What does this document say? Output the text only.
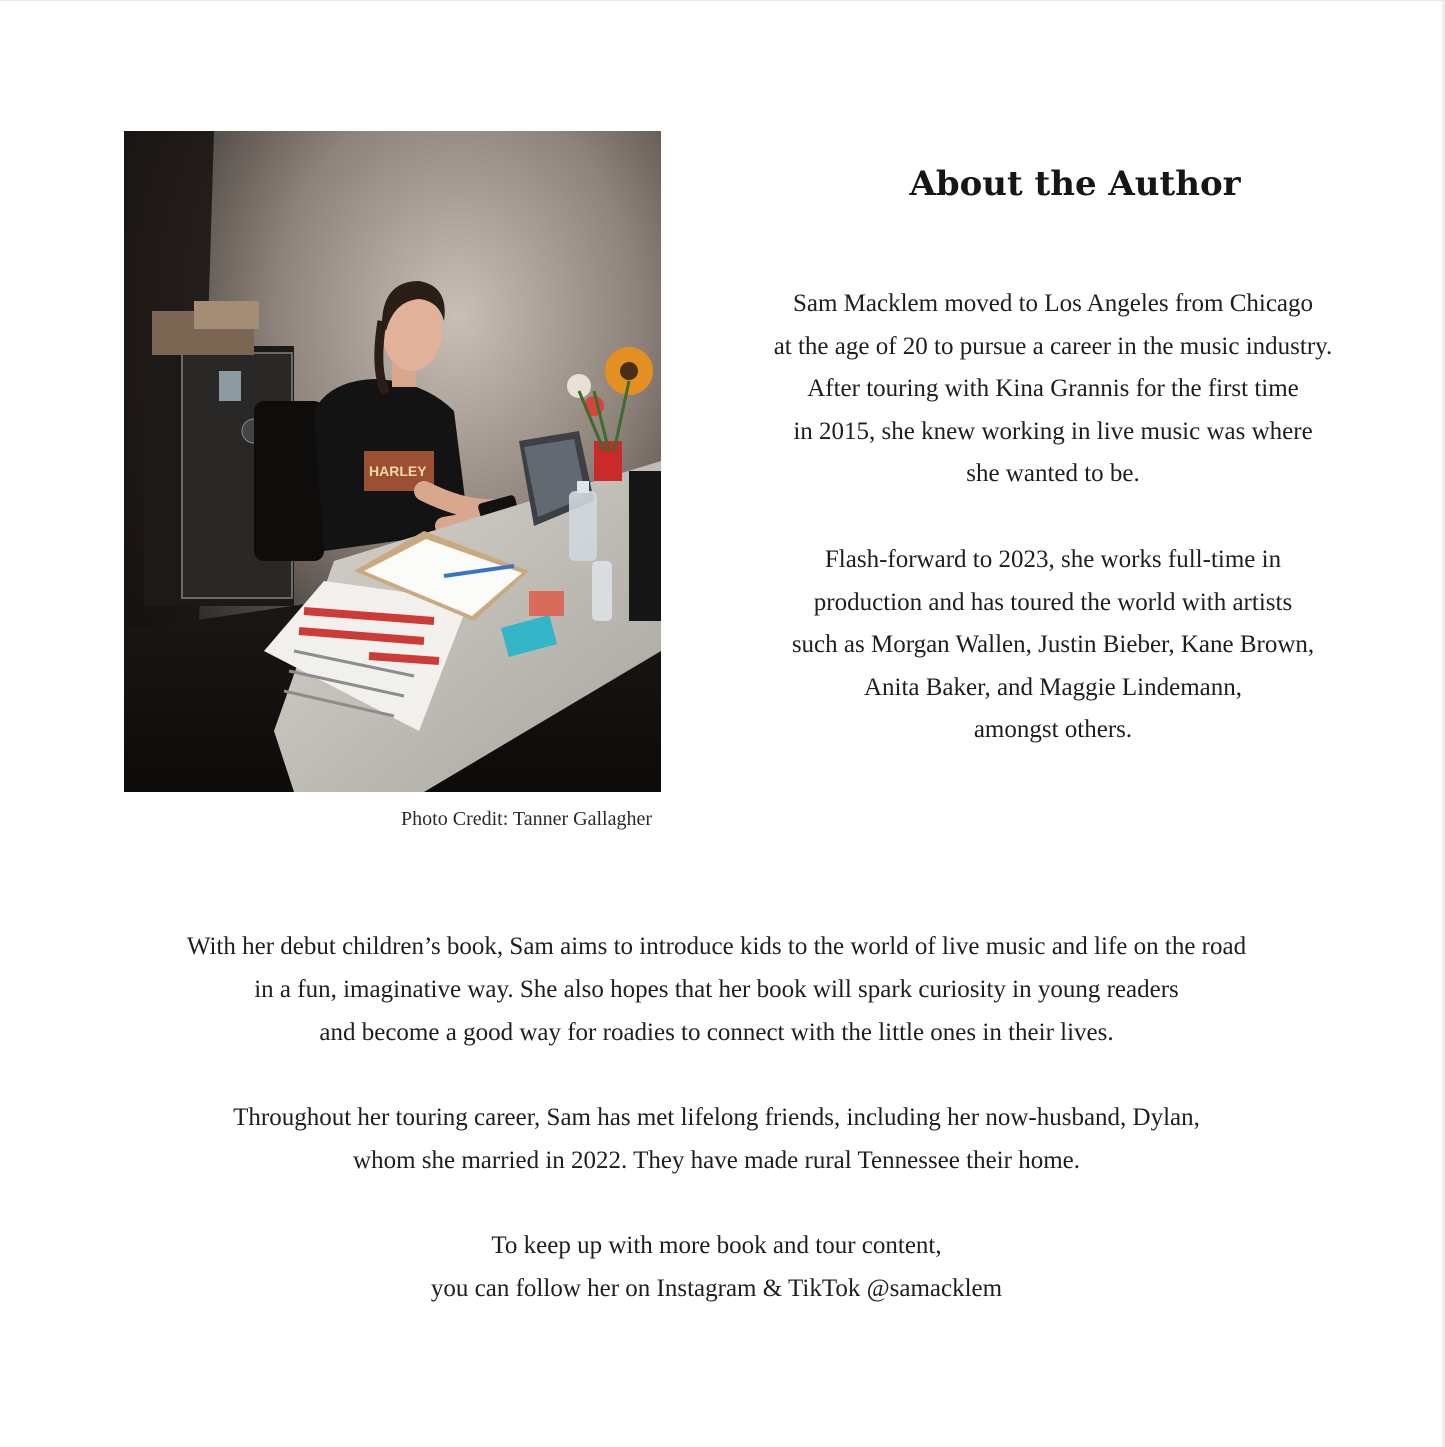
HARLEY
Photo Credit: Tanner Gallagher
About the Author
Sam Macklem moved to Los Angeles from Chicago
at the age of 20 to pursue a career in the music industry.
After touring with Kina Grannis for the first time
in 2015, she knew working in live music was where
she wanted to be.
Flash-forward to 2023, she works full-time in
production and has toured the world with artists
such as Morgan Wallen, Justin Bieber, Kane Brown,
Anita Baker, and Maggie Lindemann,
amongst others.
With her debut children’s book, Sam aims to introduce kids to the world of live music and life on the road
in a fun, imaginative way. She also hopes that her book will spark curiosity in young readers
and become a good way for roadies to connect with the little ones in their lives.
Throughout her touring career, Sam has met lifelong friends, including her now-husband, Dylan,
whom she married in 2022. They have made rural Tennessee their home.
To keep up with more book and tour content,
you can follow her on Instagram & TikTok @samacklem
